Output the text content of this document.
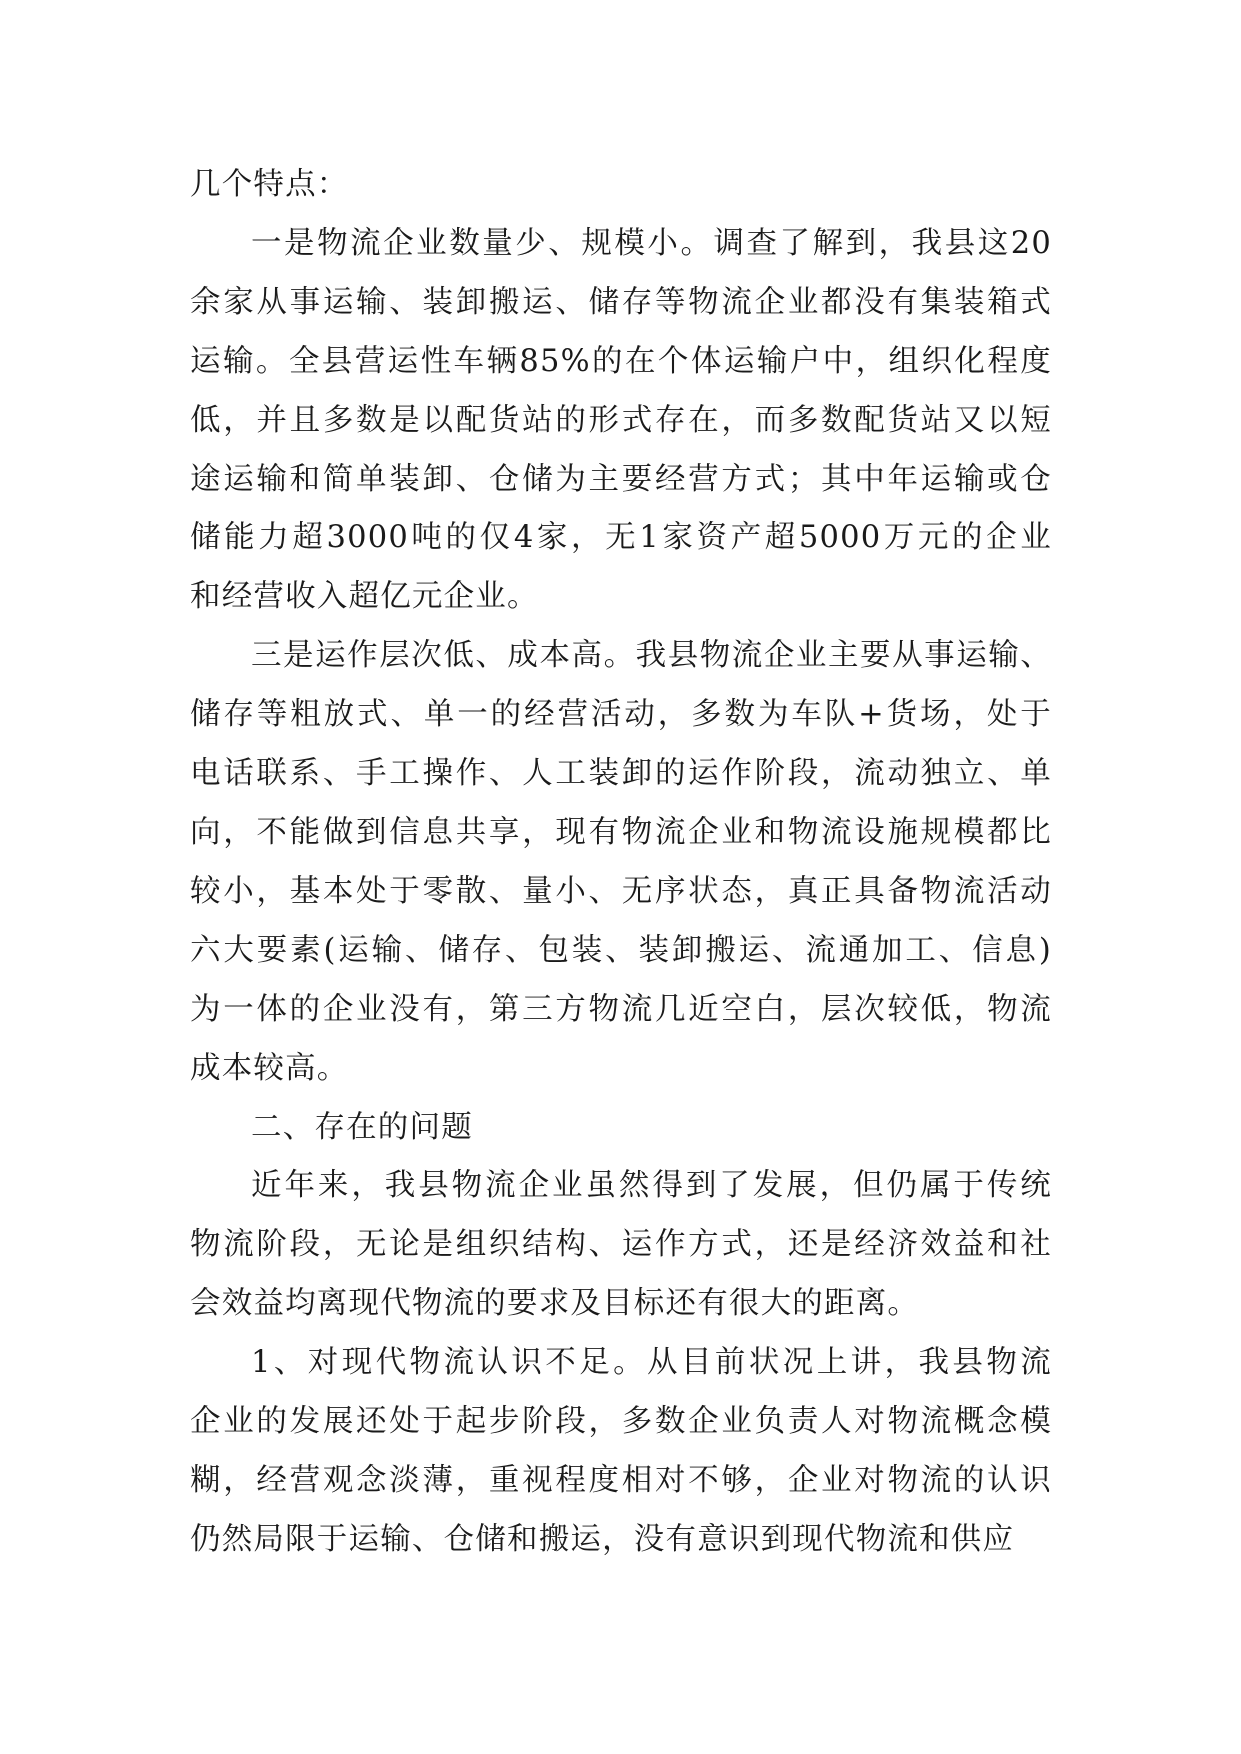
几个特点：
一是物流企业数量少、规模小。调查了解到，我县这20
余家从事运输、装卸搬运、储存等物流企业都没有集装箱式
运输。全县营运性车辆85%的在个体运输户中，组织化程度
低，并且多数是以配货站的形式存在，而多数配货站又以短
途运输和简单装卸、仓储为主要经营方式；其中年运输或仓
储能力超3000吨的仅4家，无1家资产超5000万元的企业
和经营收入超亿元企业。
三是运作层次低、成本高。我县物流企业主要从事运输、
储存等粗放式、单一的经营活动，多数为车队+货场，处于
电话联系、手工操作、人工装卸的运作阶段，流动独立、单
向，不能做到信息共享，现有物流企业和物流设施规模都比
较小，基本处于零散、量小、无序状态，真正具备物流活动
六大要素(运输、储存、包装、装卸搬运、流通加工、信息)
为一体的企业没有，第三方物流几近空白，层次较低，物流
成本较高。
二、存在的问题
近年来，我县物流企业虽然得到了发展，但仍属于传统
物流阶段，无论是组织结构、运作方式，还是经济效益和社
会效益均离现代物流的要求及目标还有很大的距离。
1、对现代物流认识不足。从目前状况上讲，我县物流
企业的发展还处于起步阶段，多数企业负责人对物流概念模
糊，经营观念淡薄，重视程度相对不够，企业对物流的认识
仍然局限于运输、仓储和搬运，没有意识到现代物流和供应
